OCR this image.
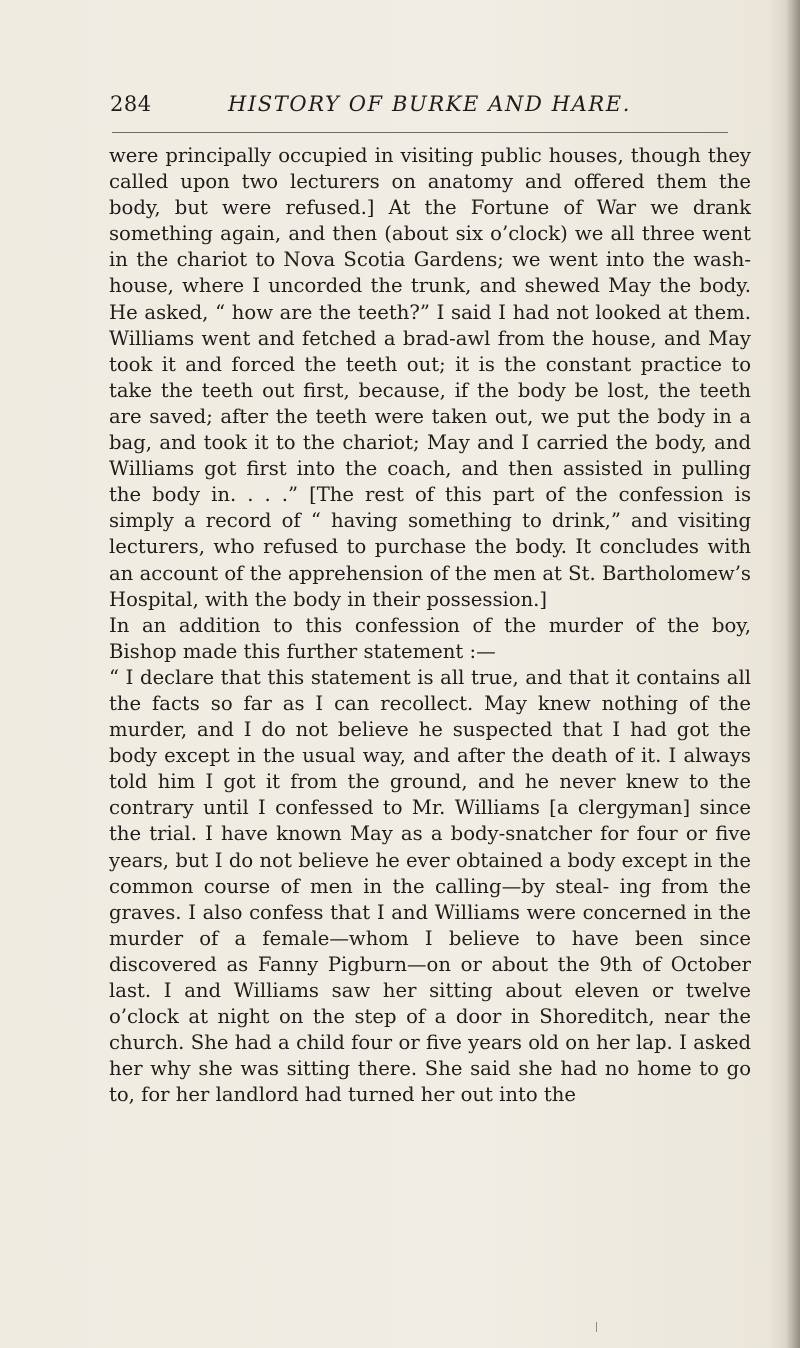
284	HISTORY OF BURKE AND HARE.

were principally occupied in visiting public houses, though they called upon two lecturers on anatomy and offered them the body, but were refused.] At the Fortune of War we drank something again, and then (about six o’clock) we all three went in the chariot to Nova Scotia Gardens; we went into the wash-house, where I uncorded the trunk, and shewed May the body. He asked, “ how are the teeth?” I said I had not looked at them. Williams went and fetched a brad-awl from the house, and May took it and forced the teeth out; it is the constant practice to take the teeth out first, because, if the body be lost, the teeth are saved; after the teeth were taken out, we put the body in a bag, and took it to the chariot; May and I carried the body, and Williams got first into the coach, and then assisted in pulling the body in. . . .” [The rest of this part of the confession is simply a record of “ having something to drink,” and visiting lecturers, who refused to purchase the body. It concludes with an account of the apprehension of the men at St. Bartholomew’s Hospital, with the body in their possession.]

In an addition to this confession of the murder of the boy, Bishop made this further statement :—

“ I declare that this statement is all true, and that it contains all the facts so far as I can recollect. May knew nothing of the murder, and I do not believe he suspected that I had got the body except in the usual way, and after the death of it. I always told him I got it from the ground, and he never knew to the contrary until I confessed to Mr. Williams [a clergyman] since the trial. I have known May as a body-snatcher for four or five years, but I do not believe he ever obtained a body except in the common course of men in the calling—by steal- ing from the graves. I also confess that I and Williams were concerned in the murder of a female—whom I believe to have been since discovered as Fanny Pigburn—on or about the 9th of October last. I and Williams saw her sitting about eleven or twelve o’clock at night on the step of a door in Shoreditch, near the church. She had a child four or five years old on her lap. I asked her why she was sitting there. She said she had no home to go to, for her landlord had turned her out into the
